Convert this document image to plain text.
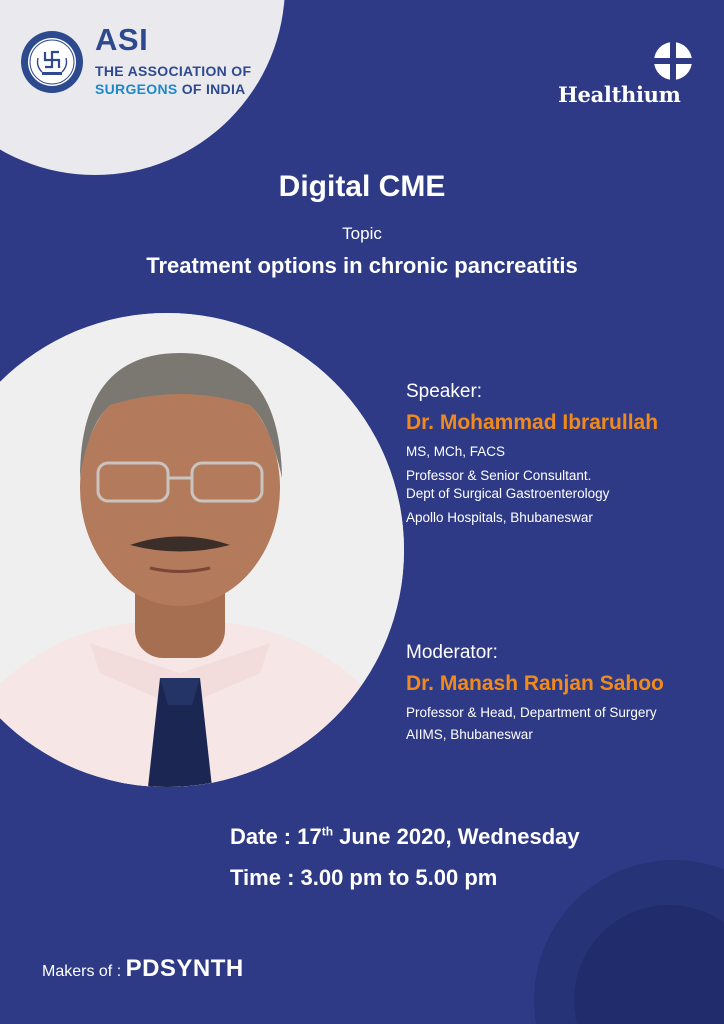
ASI
THE ASSOCIATION OF
SURGEONS OF INDIA	Healthium
Digital CME
Topic
Treatment options in chronic pancreatitis
Speaker:
Dr. Mohammad Ibrarullah
MS, MCh, FACS
Professor & Senior Consultant.
Dept of Surgical Gastroenterology
Apollo Hospitals, Bhubaneswar
Moderator:
Dr. Manash Ranjan Sahoo
Professor & Head, Department of Surgery
AIIMS, Bhubaneswar
Date : 17th June 2020, Wednesday
Time : 3.00 pm to 5.00 pm
Makers of : PDSYNTH
